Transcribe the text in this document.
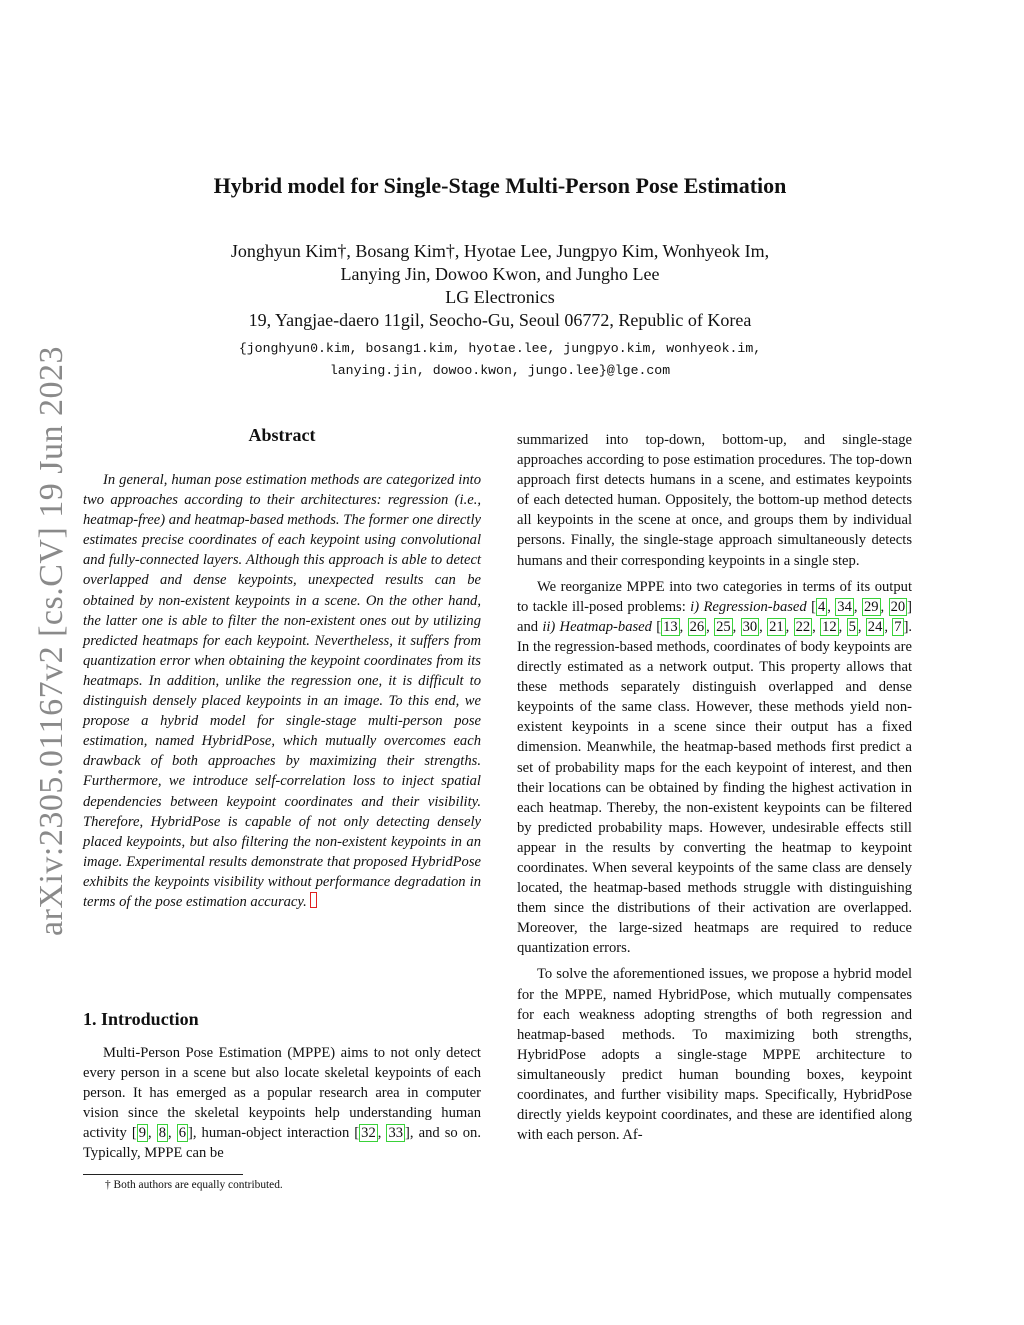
arXiv:2305.01167v2 [cs.CV] 19 Jun 2023
Hybrid model for Single-Stage Multi-Person Pose Estimation

Jonghyun Kim†, Bosang Kim†, Hyotae Lee, Jungpyo Kim, Wonhyeok Im,

Lanying Jin, Dowoo Kwon, and Jungho Lee

LG Electronics

19, Yangjae-daero 11gil, Seocho-Gu, Seoul 06772, Republic of Korea

{jonghyun0.kim, bosang1.kim, hyotae.lee, jungpyo.kim, wonhyeok.im,

lanying.jin, dowoo.kwon, jungo.lee}@lge.com

Abstract

In general, human pose estimation methods are categorized into two approaches according to their architectures: regression (i.e., heatmap-free) and heatmap-based methods. The former one directly estimates precise coordinates of each keypoint using convolutional and fully-connected layers. Although this approach is able to detect overlapped and dense keypoints, unexpected results can be obtained by non-existent keypoints in a scene. On the other hand, the latter one is able to filter the non-existent ones out by utilizing predicted heatmaps for each keypoint. Nevertheless, it suffers from quantization error when obtaining the keypoint coordinates from its heatmaps. In addition, unlike the regression one, it is difficult to distinguish densely placed keypoints in an image. To this end, we propose a hybrid model for single-stage multi-person pose estimation, named HybridPose, which mutually overcomes each drawback of both approaches by maximizing their strengths. Furthermore, we introduce self-correlation loss to inject spatial dependencies between keypoint coordinates and their visibility. Therefore, HybridPose is capable of not only detecting densely placed keypoints, but also filtering the non-existent keypoints in an image. Experimental results demonstrate that proposed HybridPose exhibits the keypoints visibility without performance degradation in terms of the pose estimation accuracy.

1. Introduction

Multi-Person Pose Estimation (MPPE) aims to not only detect every person in a scene but also locate skeletal keypoints of each person. It has emerged as a popular research area in computer vision since the skeletal keypoints help understanding human activity [ 9 , 8 , 6 ], human-object interaction [ 32 , 33 ], and so on. Typically, MPPE can be

summarized into top-down, bottom-up, and single-stage approaches according to pose estimation procedures. The top-down approach first detects humans in a scene, and estimates keypoints of each detected human. Oppositely, the bottom-up method detects all keypoints in the scene at once, and groups them by individual persons. Finally, the single-stage approach simultaneously detects humans and their corresponding keypoints in a single step.

We reorganize MPPE into two categories in terms of its output to tackle ill-posed problems: i) Regression-based [ 4 , 34 , 29 , 20 ] and ii) Heatmap-based [ 13 , 26 , 25 , 30 , 21 , 22 , 12 , 5 , 24 , 7 ]. In the regression-based methods, coordinates of body keypoints are directly estimated as a network output. This property allows that these methods separately distinguish overlapped and dense keypoints of the same class. However, these methods yield non-existent keypoints in a scene since their output has a fixed dimension. Meanwhile, the heatmap-based methods first predict a set of probability maps for the each keypoint of interest, and then their locations can be obtained by finding the highest activation in each heatmap. Thereby, the non-existent keypoints can be filtered by predicted probability maps. However, undesirable effects still appear in the results by converting the heatmap to keypoint coordinates. When several keypoints of the same class are densely located, the heatmap-based methods struggle with distinguishing them since the distributions of their activation are overlapped. Moreover, the large-sized heatmaps are required to reduce quantization errors.

To solve the aforementioned issues, we propose a hybrid model for the MPPE, named HybridPose, which mutually compensates for each weakness adopting strengths of both regression and heatmap-based methods. To maximizing both strengths, HybridPose adopts a single-stage MPPE architecture to simultaneously predict human bounding boxes, keypoint coordinates, and further visibility maps. Specifically, HybridPose directly yields keypoint coordinates, and these are identified along with each person. Af-

† Both authors are equally contributed.
